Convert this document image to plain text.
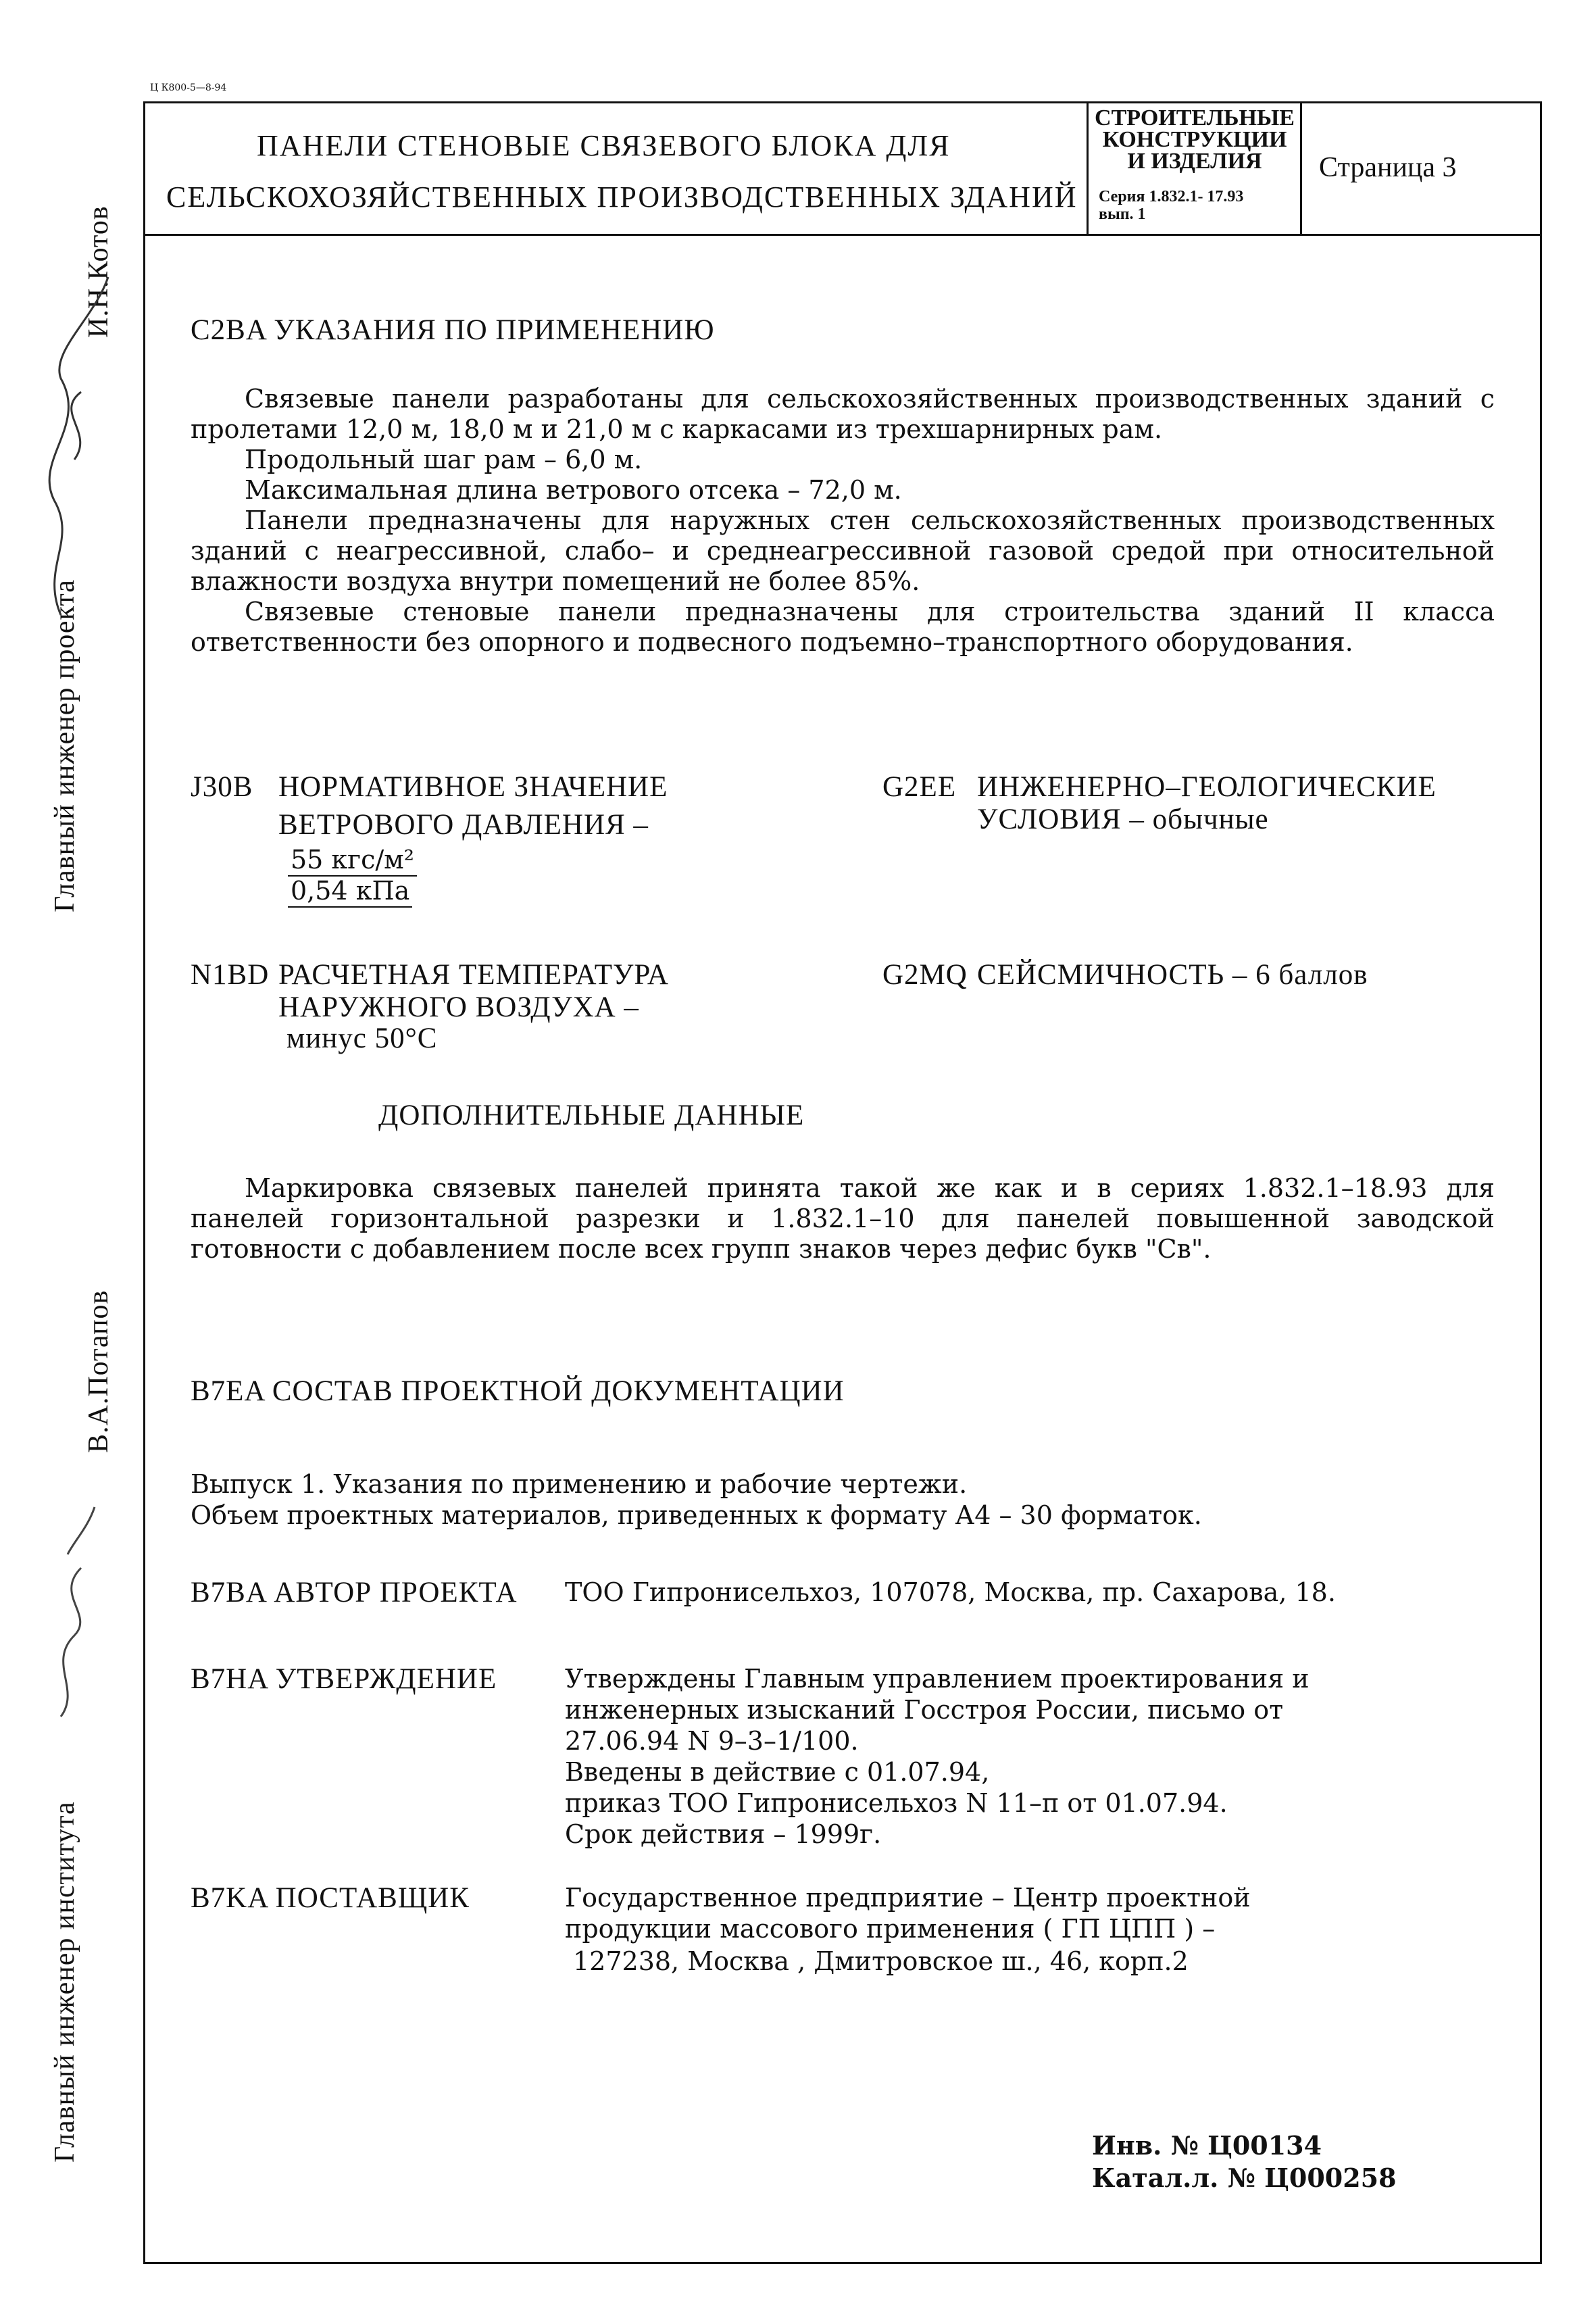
Ц К800-5—8-94
ПАНЕЛИ СТЕНОВЫЕ СВЯЗЕВОГО БЛОКА ДЛЯ
СЕЛЬСКОХОЗЯЙСТВЕННЫХ ПРОИЗВОДСТВЕННЫХ ЗДАНИЙ
СТРОИТЕЛЬНЫЕ
КОНСТРУКЦИИ
И ИЗДЕЛИЯ
Серия 1.832.1- 17.93
вып. 1
Страница 3
Главный инженер проекта
И.Н.Котов
Главный инженер института
В.А.Потапов
C2BA УКАЗАНИЯ ПО ПРИМЕНЕНИЮ

Связевые панели разработаны для сельскохозяйственных производственных зданий с пролетами 12,0 м, 18,0 м и 21,0 м с каркасами из трехшарнирных рам.

Продольный шаг рам – 6,0 м.

Максимальная длина ветрового отсека – 72,0 м.

Панели предназначены для наружных стен сельскохозяйственных производственных зданий с неагрессивной, слабо– и среднеагрессивной газовой средой при относительной влажности воздуха внутри помещений не более 85%.

Связевые стеновые панели предназначены для строительства зданий II класса ответственности без опорного и подвесного подъемно–транспортного оборудования.

J30B НОРМАТИВНОЕ ЗНАЧЕНИЕ
ВЕТРОВОГО ДАВЛЕНИЯ –
55 кгс/м²
0,54 кПа
G2EE ИНЖЕНЕРНО–ГЕОЛОГИЧЕСКИЕ
УСЛОВИЯ – обычные
N1BD РАСЧЕТНАЯ ТЕМПЕРАТУРА
НАРУЖНОГО ВОЗДУХА –
минус 50°С
G2MQ СЕЙСМИЧНОСТЬ – 6 баллов
ДОПОЛНИТЕЛЬНЫЕ ДАННЫЕ

Маркировка связевых панелей принята такой же как и в сериях 1.832.1–18.93 для панелей горизонтальной разрезки и 1.832.1–10 для панелей повышенной заводской готовности с добавлением после всех групп знаков через дефис букв "Св".

B7EA СОСТАВ ПРОЕКТНОЙ ДОКУМЕНТАЦИИ
Выпуск 1. Указания по применению и рабочие чертежи.
Объем проектных материалов, приведенных к формату А4 – 30 форматок.
B7BA АВТОР ПРОЕКТА ТОО Гипронисельхоз, 107078, Москва, пр. Сахарова, 18.
B7HA УТВЕРЖДЕНИЕ	Утверждены Главным управлением проектирования и
инженерных изысканий Госстроя России, письмо от
27.06.94 N 9–3–1/100.
Введены в действие с 01.07.94,
приказ ТОО Гипронисельхоз N 11–п от 01.07.94.
Срок действия – 1999г.
B7KA ПОСТАВЩИК	Государственное предприятие – Центр проектной
продукции массового применения ( ГП ЦПП ) –
127238, Москва , Дмитровское ш., 46, корп.2
Инв. № Ц00134
Катал.л. № Ц000258
